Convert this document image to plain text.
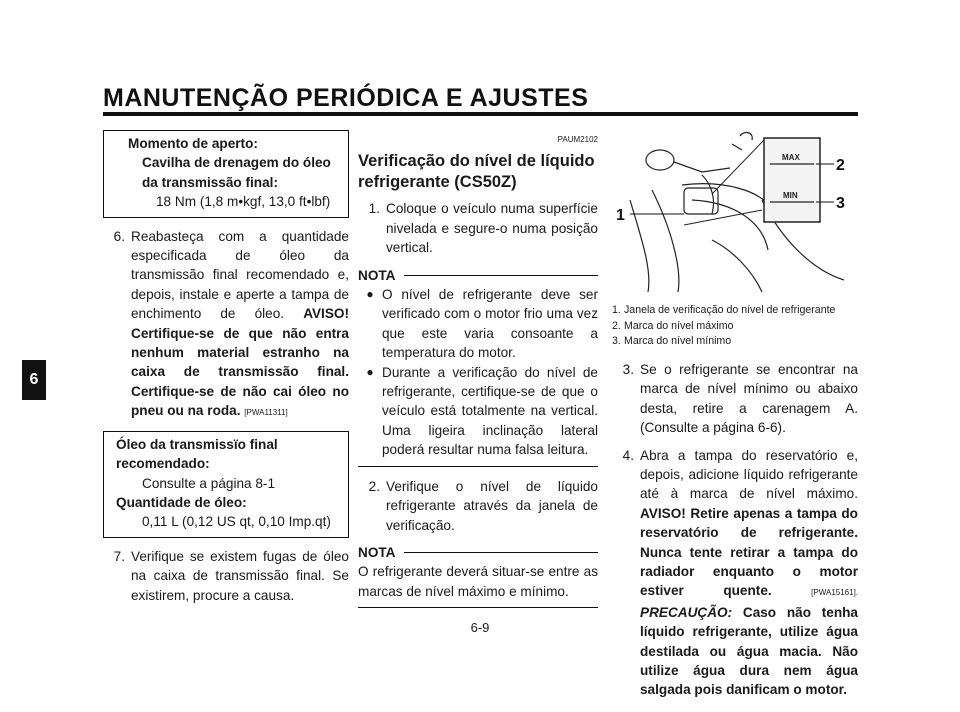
MANUTENÇÃO PERIÓDICA E AJUSTES
6
Momento de aperto:
Cavilha de drenagem do óleo
da transmissão final:
18 Nm (1,8 m•kgf, 13,0 ft•lbf)
6. Reabasteça com a quantidade especificada de óleo da transmissão final recomendado e, depois, instale e aperte a tampa de enchimento de óleo. AVISO! Certifique-se de que não entra nenhum material estranho na caixa de transmissão final. Certifique-se de não cai óleo no pneu ou na roda. [PWA11311]
Óleo da transmissïo final recomendado:
Consulte a página 8-1
Quantidade de óleo:
0,11 L (0,12 US qt, 0,10 Imp.qt)
7. Verifique se existem fugas de óleo na caixa de transmissão final. Se existirem, procure a causa.
PAUM2102
Verificação do nível de líquido
refrigerante (CS50Z)
1. Coloque o veículo numa superfície nivelada e segure-o numa posição vertical.
NOTA
● O nível de refrigerante deve ser verificado com o motor frio uma vez que este varia consoante a temperatura do motor.
● Durante a verificação do nível de refrigerante, certifique-se de que o veículo está totalmente na vertical. Uma ligeira inclinação lateral poderá resultar numa falsa leitura.
2. Verifique o nível de líquido refrigerante através da janela de verificação.
NOTA
O refrigerante deverá situar-se entre as marcas de nível máximo e mínimo.
MAX
MIN
1
2
3
1. Janela de verificação do nível de refrigerante
2. Marca do nível máximo
3. Marca do nível mínimo
3. Se o refrigerante se encontrar na marca de nível mínimo ou abaixo desta, retire a carenagem A. (Consulte a página 6-6).
4. Abra a tampa do reservatório e, depois, adicione líquido refrigerante até à marca de nível máximo. AVISO! Retire apenas a tampa do reservatório de refrigerante. Nunca tente retirar a tampa do radiador enquanto o motor estiver quente.	[PWA15161]. PRECAUÇÃO: Caso não tenha líquido refrigerante, utilize água destilada ou água macia. Não utilize água dura nem água salgada pois danificam o motor.
6-9
